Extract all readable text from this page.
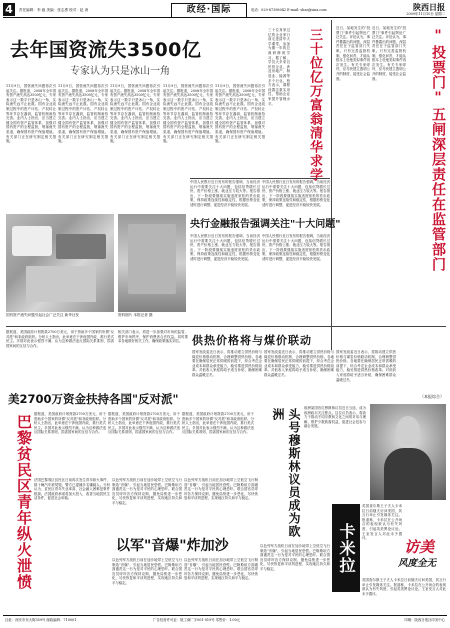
4	责任编辑：李 毅 美编：张志勇 校对：赵 涛	政经·国际	电话：029-87398042 E-mail: sbzz@sina.com	陕西日报
2009年11月10日 星期二
去年国资流失3500亿
专家认为只是冰山一角
11月9日，国资流失问题再次引起关注。据报道，2008年全年国有资产流失高达3500亿元，专家表示这一数字只是冰山一角，实际流失远不止此数。国有企业改制过程中的资产评估、产权转让等环节存在漏洞，监管机制亟待完善。业内人士指出，应当建立健全国有资产监管体系，加强对国有资产的全程监督，堵塞流失渠道，确保国有资产保值增值。有关部门正在研究制定相关措施。
11月9日，国资流失问题再次引起关注。据报道，2008年全年国有资产流失高达3500亿元，专家表示这一数字只是冰山一角，实际流失远不止此数。国有企业改制过程中的资产评估、产权转让等环节存在漏洞，监管机制亟待完善。业内人士指出，应当建立健全国有资产监管体系，加强对国有资产的全程监督，堵塞流失渠道，确保国有资产保值增值。有关部门正在研究制定相关措施。
11月9日，国资流失问题再次引起关注。据报道，2008年全年国有资产流失高达3500亿元，专家表示这一数字只是冰山一角，实际流失远不止此数。国有企业改制过程中的资产评估、产权转让等环节存在漏洞，监管机制亟待完善。业内人士指出，应当建立健全国有资产监管体系，加强对国有资产的全程监督，堵塞流失渠道，确保国有资产保值增值。有关部门正在研究制定相关措施。
11月9日，国资流失问题再次引起关注。据报道，2008年全年国有资产流失高达3500亿元，专家表示这一数字只是冰山一角，实际流失远不止此数。国有企业改制过程中的资产评估、产权转让等环节存在漏洞，监管机制亟待完善。业内人士指出，应当建立健全国有资产监管体系，加强对国有资产的全程监督，堵塞流失渠道，确保国有资产保值增值。有关部门正在研究制定相关措施。
11月9日，国资流失问题再次引起关注。据报道，2008年全年国有资产流失高达3500亿元，专家表示这一数字只是冰山一角，实际流失远不止此数。国有企业改制过程中的资产评估、产权转让等环节存在漏洞，监管机制亟待完善。业内人士指出，应当建立健全国有资产监管体系，加强对国有资产的全程监督，堵塞流失渠道，确保国有资产保值增值。有关部门正在研究制定相关措施。
国有资产流失问题引起社会广泛关注 新华社发	资料图片 本报记者 摄
三十位亿万富翁清华求学
三十位身家过亿的企业家日前走进清华大学课堂，参加为期一年的总裁研修班学习。据了解，学员大多来自民营企业，涉及房地产、制造业、能源等多个行业。校方表示，课程设置注重实用性，帮助企业家提升管理水平。	"投票门"五闸深层责任在监管部门
近日，某地发生的"投票门"事件引起舆论广泛关注。评论认为，事件暴露出的问题，深层责任在于监管部门失职。只有完善监督机制，强化问责，才能从根本上杜绝类似事件再次发生。有关专家呼吁，应尽快建立透明公开的制度，接受社会监督。
近日，某地发生的"投票门"事件引起舆论广泛关注。评论认为，事件暴露出的问题，深层责任在于监管部门失职。只有完善监督机制，强化问责，才能从根本上杜绝类似事件再次发生。有关专家呼吁，应尽快建立透明公开的制度，接受社会监督。
央行金融报告强调关注"十大问题"
中国人民银行近日发布的报告强调，当前经济运行中需要关注十大问题，包括信贷增长过快、资产价格上涨、就业压力较大等。报告指出，下一阶段要继续实施适度宽松的货币政策，保持政策连续性和稳定性，根据形势变化适时进行调整，促进经济平稳较快发展。
中国人民银行近日发布的报告强调，当前经济运行中需要关注十大问题，包括信贷增长过快、资产价格上涨、就业压力较大等。报告指出，下一阶段要继续实施适度宽松的货币政策，保持政策连续性和稳定性，根据形势变化适时进行调整，促进经济平稳较快发展。
中国人民银行近日发布的报告强调，当前经济运行中需要关注十大问题，包括信贷增长过快、资产价格上涨、就业压力较大等。报告指出，下一阶段要继续实施适度宽松的货币政策，保持政策连续性和稳定性，根据形势变化适时进行调整，促进经济平稳较快发展。
中国人民银行近日发布的报告强调，当前经济运行中需要关注十大问题，包括信贷增长过快、资产价格上涨、就业压力较大等。报告指出，下一阶段要继续实施适度宽松的货币政策，保持政策连续性和稳定性，根据形势变化适时进行调整，促进经济平稳较快发展。
相关部门表示，将进一步加强对市场的监管，维护市场秩序，保护消费者合法权益。同时要求各地做好相关工作，确保政策落实到位。 供热价格将与煤价联动
国家发改委近日表示，将推动建立供热价格与煤炭价格联动机制，合理调整供热价格。各地要在确保居民正常供暖的前提下，综合考虑企业成本和群众承受能力，稳妥推进供热价格改革。对低收入家庭将给予适当补贴，确保困难群众温暖过冬。
国家发改委近日表示，将推动建立供热价格与煤炭价格联动机制，合理调整供热价格。各地要在确保居民正常供暖的前提下，综合考虑企业成本和群众承受能力，稳妥推进供热价格改革。对低收入家庭将给予适当补贴，确保困难群众温暖过冬。
国家发改委近日表示，将推动建立供热价格与煤炭价格联动机制，合理调整供热价格。各地要在确保居民正常供暖的前提下，综合考虑企业成本和群众承受能力，稳妥推进供热价格改革。对低收入家庭将给予适当补贴，确保困难群众温暖过冬。
（本报综合）
据报道，美国政府计划拨款2700万美元，用于资助多个国家的所谓"反对派"和非政府组织。分析人士指出，此举意在干涉他国内政，推行美式民主。多国对此表示强烈不满，认为这种做法违反国际关系准则，损害国家间的互信与合作。
美2700万资金扶持各国"反对派"
据报道，美国政府计划拨款2700万美元，用于资助多个国家的所谓"反对派"和非政府组织。分析人士指出，此举意在干涉他国内政，推行美式民主。多国对此表示强烈不满，认为这种做法违反国际关系准则，损害国家间的互信与合作。
据报道，美国政府计划拨款2700万美元，用于资助多个国家的所谓"反对派"和非政府组织。分析人士指出，此举意在干涉他国内政，推行美式民主。多国对此表示强烈不满，认为这种做法违反国际关系准则，损害国家间的互信与合作。
据报道，美国政府计划拨款2700万美元，用于资助多个国家的所谓"反对派"和非政府组织。分析人士指出，此举意在干涉他国内政，推行美式民主。多国对此表示强烈不满，认为这种做法违反国际关系准则，损害国家间的互信与合作。
巴黎贫民区青年纵火泄愤 法国巴黎郊区贫民区日前再次发生青年纵火事件，数十辆汽车被焚毁。警方已逮捕多名嫌疑人。分析认为，贫民区青年失业率高、社会融入困难是事件根源。法国政府承诺将加大投入，改善当地居民生活条件，促进社会和谐。	头号穆斯林议员成为欧洲	欧洲某国首位穆斯林议员近日当选，成为欧洲政坛关注焦点。这位议员表示，将致力于推动不同宗教和文化之间的对话与理解，维护少数族裔权益，促进社会包容与融合发展。
以军"音爆"炸加沙
以色列军方战机日前在加沙地带上空低空飞行制造"音爆"，引起当地居民恐慌。巴勒斯坦方面谴责这一行为是对平民的心理恐吓。联合国官员呼吁各方保持克制，避免局势进一步恶化，尽快恢复和平谈判进程，实现地区持久和平与稳定。
以色列军方战机日前在加沙地带上空低空飞行制造"音爆"，引起当地居民恐慌。巴勒斯坦方面谴责这一行为是对平民的心理恐吓。联合国官员呼吁各方保持克制，避免局势进一步恶化，尽快恢复和平谈判进程，实现地区持久和平与稳定。
以色列军方战机日前在加沙地带上空低空飞行制造"音爆"，引起当地居民恐慌。巴勒斯坦方面谴责这一行为是对平民的心理恐吓。联合国官员呼吁各方保持克制，避免局势进一步恶化，尽快恢复和平谈判进程，实现地区持久和平与稳定。
以色列军方战机日前在加沙地带上空低空飞行制造"音爆"，引起当地居民恐慌。巴勒斯坦方面谴责这一行为是对平民的心理恐吓。联合国官员呼吁各方保持克制，避免局势进一步恶化，尽快恢复和平谈判进程，实现地区持久和平与稳定。
以色列军方战机日前在加沙地带上空低空飞行制造"音爆"，引起当地居民恐慌。巴勒斯坦方面谴责这一行为是对平民的心理恐吓。联合国官员呼吁各方保持克制，避免局势进一步恶化，尽快恢复和平谈判进程，实现地区持久和平与稳定。	卡米拉
英国查尔斯王子夫人卡米拉日前随夫访问美国，其言行举止引发媒体关注。报道称，卡米拉在公开场合的表现被认为有失风度，引起英美舆论议论。王室发言人对此未予置评。	访美
风度全无
英国查尔斯王子夫人卡米拉日前随夫访问美国，其言行举止引发媒体关注。报道称，卡米拉在公开场合的表现被认为有失风度，引起英美舆论议论。王室发言人对此未予置评。
社址：西安市东大街359号 邮政编码：710001	广告经营许可证：陕工商广字001-019号 零售价：1.00元	印刷：陕西日报社印务中心
